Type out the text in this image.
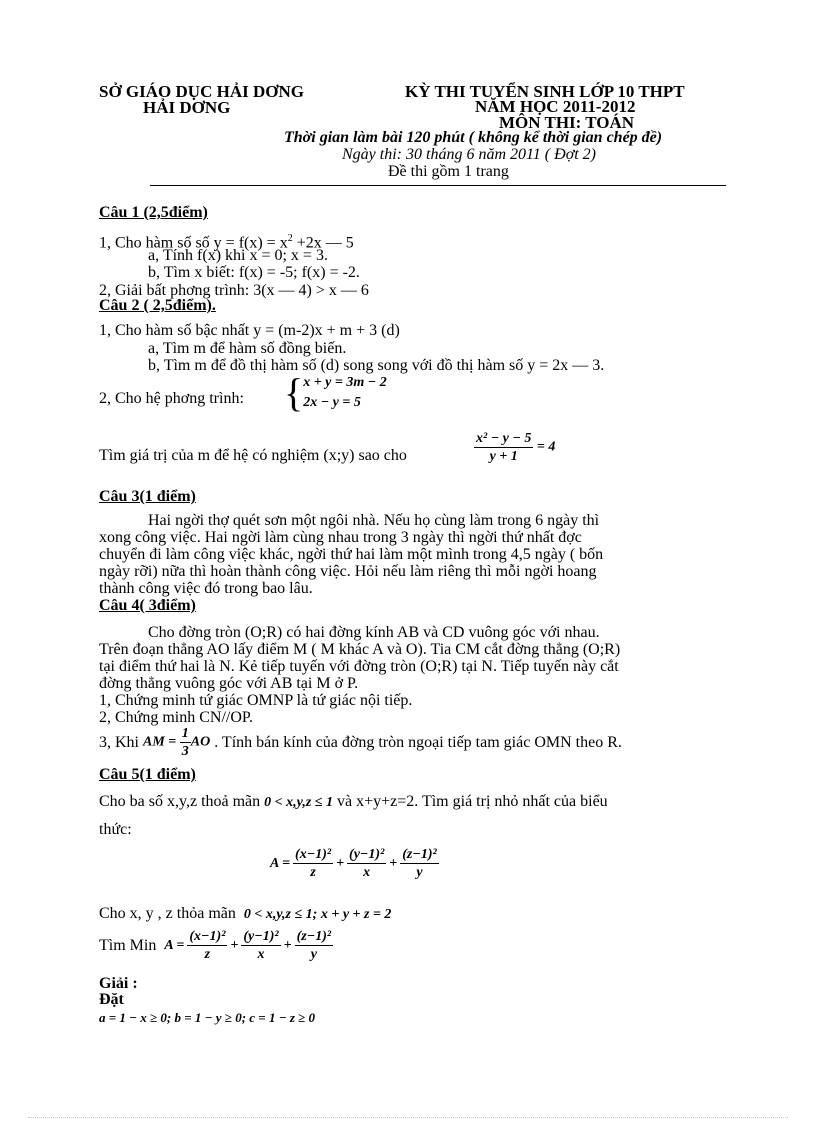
SỞ GIÁO DỤC HẢI DƠNG
HẢI DƠNG
KỲ THI TUYỂN SINH LỚP 10 THPT
NĂM HỌC 2011-2012
MÔN THI: TOÁN
Thời gian làm bài 120 phút ( không kể thời gian chép đề)
Ngày thi: 30 tháng 6 năm 2011 ( Đợt 2)
Đề thi gồm 1 trang
Câu 1 (2,5điểm)
1, Cho hàm số số $y = f(x) = x^2 +2x$ — 5
a, Tính f(x) khi x = 0; x = 3.
b, Tìm x biết: f(x) = -5; f(x) = -2.
2, Giải bất phơng trình: 3(x — 4) > x — 6
Câu 2 ( 2,5điểm).
1, Cho hàm số bậc nhất y = (m-2)x + m + 3 (d)
a, Tìm m để hàm số đồng biến.
b, Tìm m để đồ thị hàm số (d) song song với đồ thị hàm số y = 2x — 3.
2, Cho hệ phơng trình: { x + y = 3m − 2
2x − y = 5
Tìm giá trị của m để hệ có nghiệm (x;y) sao cho	$\frac{\text{x² − y − 5}}{y + 1} = 4$
Câu 3(1 điểm)
Hai ngời thợ quét sơn một ngôi nhà. Nếu họ cùng làm trong 6 ngày thì
xong công việc. Hai ngời làm cùng nhau trong 3 ngày thì ngời thứ nhất đợc
chuyển đi làm công việc khác, ngời thứ hai làm một mình trong 4,5 ngày ( bốn
ngày rỡi) nữa thì hoàn thành công việc. Hỏi nếu làm riêng thì mỗi ngời hoang
thành công việc đó trong bao lâu.
Câu 4( 3điểm)
Cho đờng tròn (O;R) có hai đờng kính AB và CD vuông góc với nhau.
Trên đoạn thẳng AO lấy điểm M ( M khác A và O). Tia CM cắt đờng thẳng (O;R)
tại điểm thứ hai là N. Kẻ tiếp tuyến với đờng tròn (O;R) tại N. Tiếp tuyến này cắt
đờng thẳng vuông góc với AB tại M ở P.
1, Chứng minh tứ giác OMNP là tứ giác nội tiếp.
2, Chứng minh CN//OP.
3, Khi AM = $\frac{1}{3}$ AO . Tính bán kính của đờng tròn ngoại tiếp tam giác OMN theo R.
Câu 5(1 điểm)
Cho ba số x,y,z thoả mãn 0 < x,y,z ≤ 1 và x+y+z=2. Tìm giá trị nhỏ nhất của biểu
thức:
$A = \frac{\text{(x−1)²}}{z} + \frac{\text{(y−1)²}}{x} + \frac{\text{(z−1)²}}{y}$
Cho x, y , z thỏa mãn 0 < x,y,z ≤ 1; x + y + z = 2
Tìm Min $A = \frac{\text{(x−1)²}}{z} + \frac{\text{(y−1)²}}{x} + \frac{\text{(z−1)²}}{y}$
Giải :
Đặt
a = 1 − x ≥ 0; b = 1 − y ≥ 0; c = 1 − z ≥ 0
